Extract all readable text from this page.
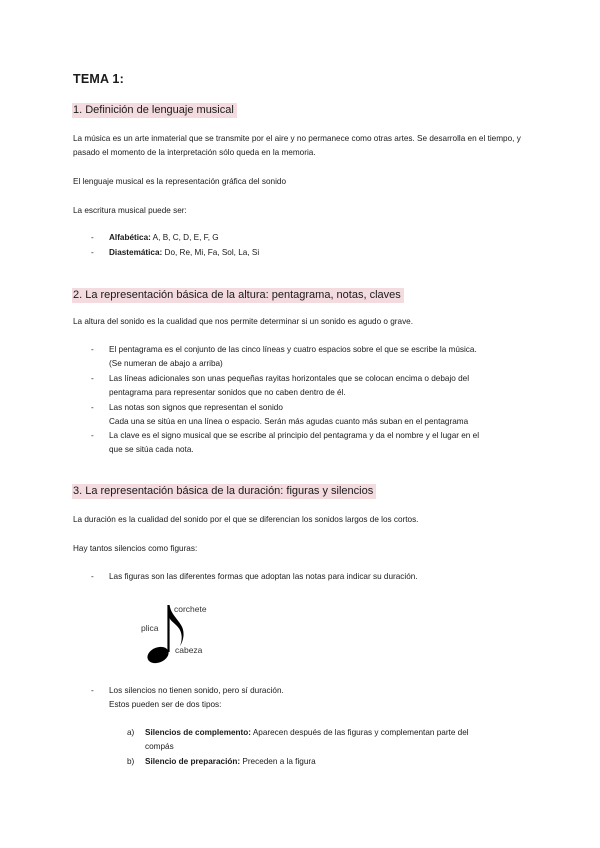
TEMA 1:
1. Definición de lenguaje musical
La música es un arte inmaterial que se transmite por el aire y no permanece como otras artes. Se desarrolla en el tiempo, y pasado el momento de la interpretación sólo queda en la memoria.
El lenguaje musical es la representación gráfica del sonido
La escritura musical puede ser:
- Alfabética: A, B, C, D, E, F, G
- Diastemática: Do, Re, Mi, Fa, Sol, La, Si
2. La representación básica de la altura: pentagrama, notas, claves
La altura del sonido es la cualidad que nos permite determinar si un sonido es agudo o grave.
- El pentagrama es el conjunto de las cinco líneas y cuatro espacios sobre el que se escribe la música.
(Se numeran de abajo a arriba)
- Las líneas adicionales son unas pequeñas rayitas horizontales que se colocan encima o debajo del
pentagrama para representar sonidos que no caben dentro de él.
- Las notas son signos que representan el sonido
Cada una se sitúa en una línea o espacio. Serán más agudas cuanto más suban en el pentagrama
- La clave es el signo musical que se escribe al principio del pentagrama y da el nombre y el lugar en el
que se sitúa cada nota.
3. La representación básica de la duración: figuras y silencios
La duración es la cualidad del sonido por el que se diferencian los sonidos largos de los cortos.
Hay tantos silencios como figuras:
- Las figuras son las diferentes formas que adoptan las notas para indicar su duración.
corchete
plica
cabeza
- Los silencios no tienen sonido, pero sí duración.
Estos pueden ser de dos tipos:
a) Silencios de complemento: Aparecen después de las figuras y complementan parte del
compás
b) Silencio de preparación: Preceden a la figura
